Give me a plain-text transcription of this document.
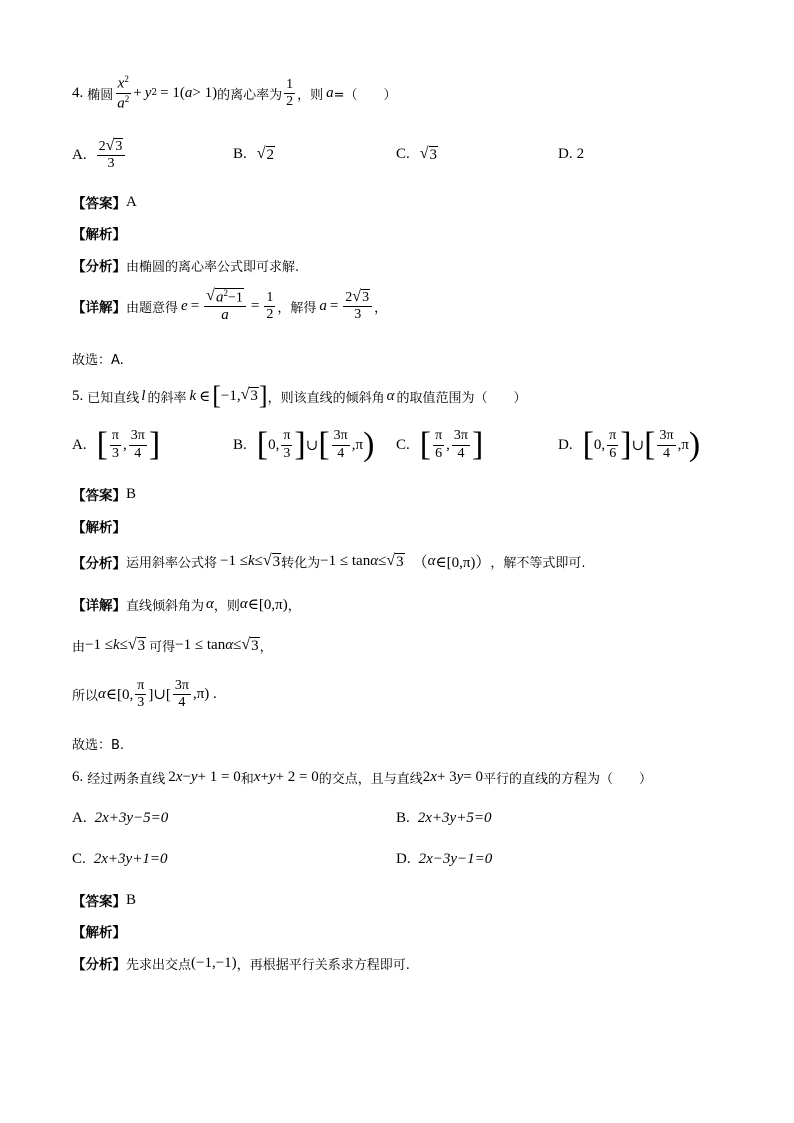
4. 椭圆 $\frac{x^2}{a^2} + y$ 2 = 1( a > 1) 的离心率为 $\frac{1}{2}$ ，则 a =（　　）
A. $\frac{2 √ 3}{3}$	B. √ 2	C. √ 3	D. 2
【答案】 A
【解析】
【分析】 由椭圆的离心率公式即可求解.
【详解】 由题意得 $e = \frac{√ a^2-1}{a} = \frac{1}{2}$ ，解得 $a = \frac{2 √ 3}{3}$ ，
故选：A.
5. 已知直线 l 的斜率 k ∈ [ −1, √ 3 ] ，则该直线的倾斜角 α 的取值范围为（　　）
A. [ $\frac{\pi}{3}$ , $\frac{3\pi}{4}$ ]	B. [ 0, $\frac{\pi}{3}$ ] ∪ [ $\frac{3\pi}{4} ,\pi$ ) C. [ $\frac{\pi}{6}$ , $\frac{3\pi}{4}$ ]	D. [ 0, $\frac{\pi}{6}$ ] ∪ [ $\frac{3\pi}{4} ,\pi$ )
【答案】 B
【解析】
【分析】 运用斜率公式将 −1 ≤ k ≤ √ 3 转化为 −1 ≤ tan α ≤ √ 3 （ α ∈[0,π)） ，解不等式即可.
【详解】 直线倾斜角为 α ，则 α ∈[0,π) ，
由 −1 ≤ k ≤ √ 3 可得 −1 ≤ tan α ≤ √ 3 ，
所以 α ∈[0, $\frac{\pi}{3}$ ]∪[ $\frac{3\pi}{4} ,\pi$) .
故选：B.
6. 经过两条直线 2 x − y + 1 = 0 和 x + y + 2 = 0 的交点，且与直线 2 x + 3 y = 0 平行的直线的方程为（　　）
A. 2x+3y−5=0	B. 2x+3y+5=0
C. 2x+3y+1=0	D. 2x−3y−1=0
【答案】 B
【解析】
【分析】 先求出交点 (−1,−1) ，再根据平行关系求方程即可.
